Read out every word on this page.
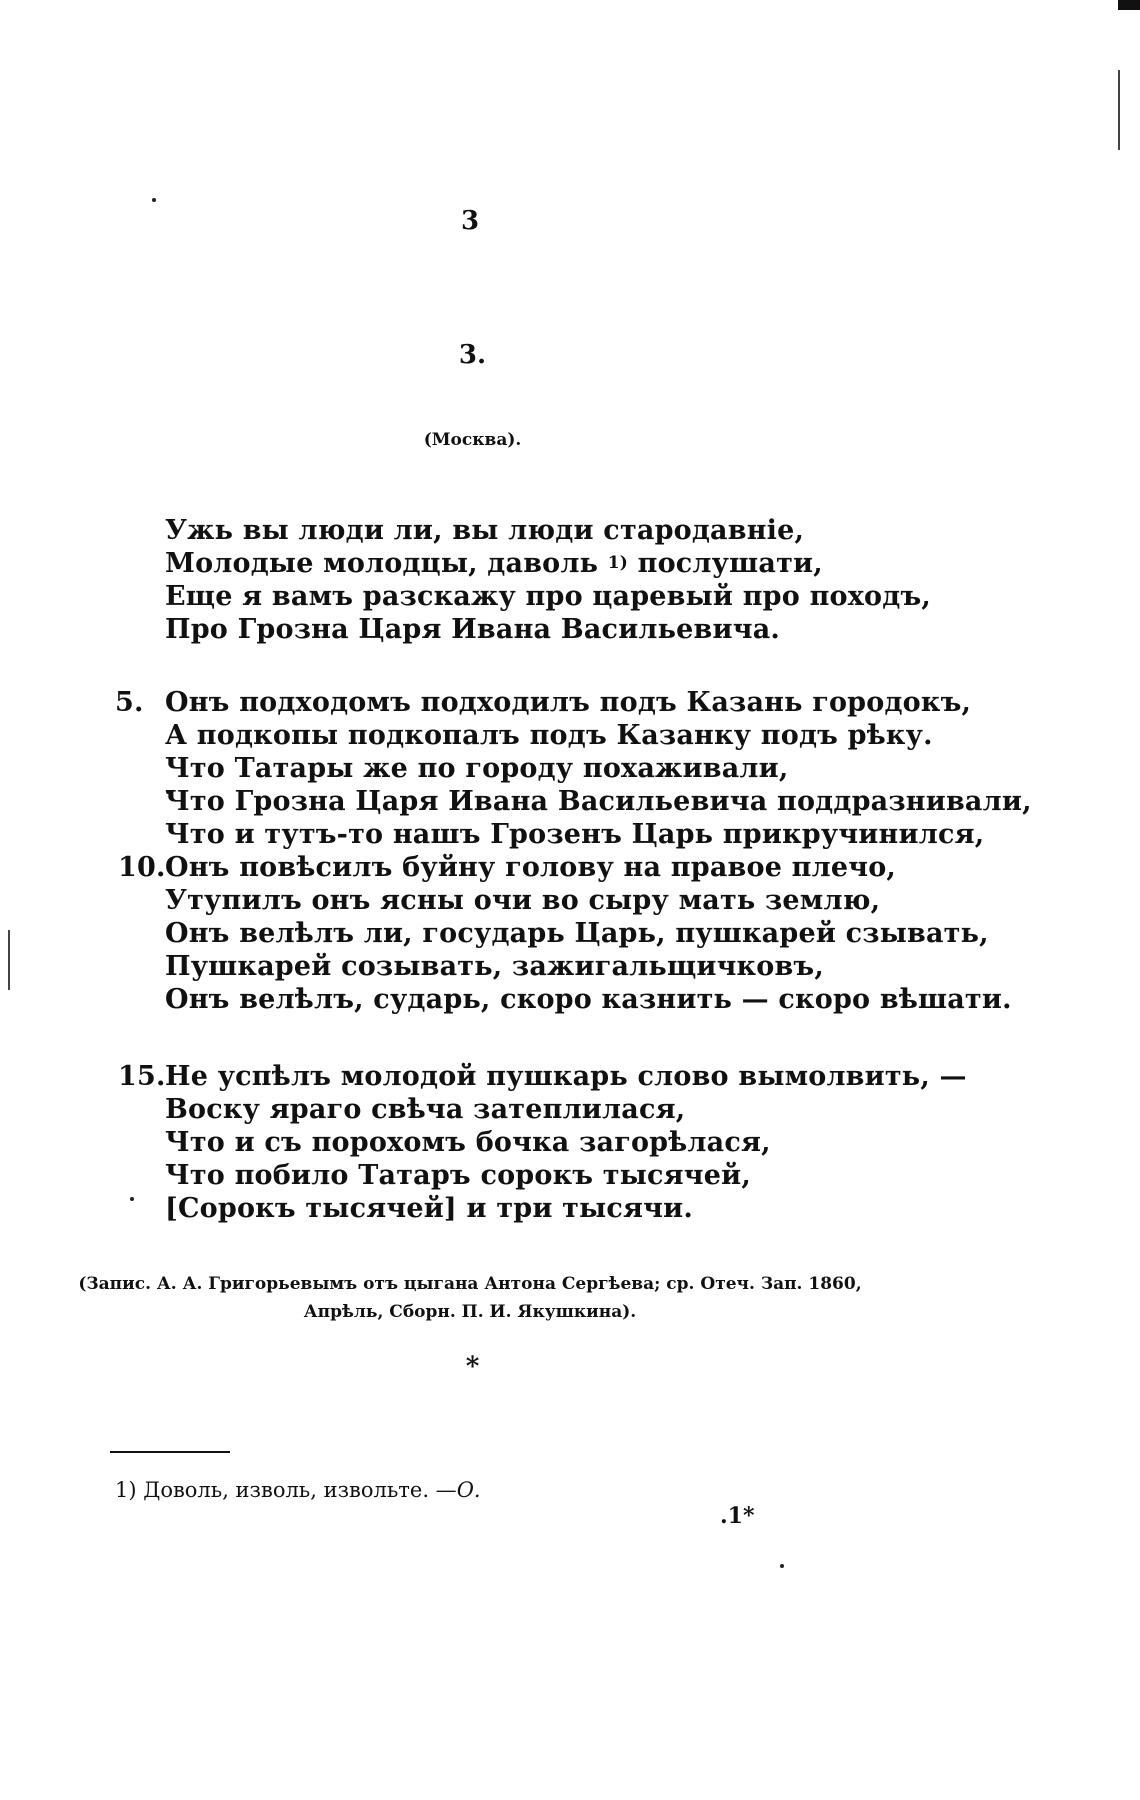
3
3.
(Москва).
Ужь вы люди ли, вы люди стародавніе,
Молодые молодцы, даволь $^{1)}$ послушати,
Еще я вамъ разскажу про царевый про походъ,
Про Грозна Царя Ивана Васильевича.
5. Онъ подходомъ подходилъ подъ Казань городокъ,
А подкопы подкопалъ подъ Казанку подъ рѣку.
Что Татары же по городу похаживали,
Что Грозна Царя Ивана Васильевича поддразнивали,
Что и тутъ-то нашъ Грозенъ Царь прикручинился,
10. Онъ повѣсилъ буйну голову на правое плечо,
Утупилъ онъ ясны очи во сыру мать землю,
Онъ велѣлъ ли, государь Царь, пушкарей сзывать,
Пушкарей созывать, зажигальщичковъ,
Онъ велѣлъ, сударь, скоро казнить — скоро вѣшати.
15. Не успѣлъ молодой пушкарь слово вымолвить, —
Воску яраго свѣча затеплилася,
Что и съ порохомъ бочка загорѣлася,
Что побило Татаръ сорокъ тысячей,
[Сорокъ тысячей] и три тысячи.
(Запис. А. А. Григорьевымъ отъ цыгана Антона Сергѣева; ср. Отеч. Зап. 1860,
Апрѣль, Сборн. П. И. Якушкина).
*
1) Доволь, изволь, извольте. —О.
.1*
